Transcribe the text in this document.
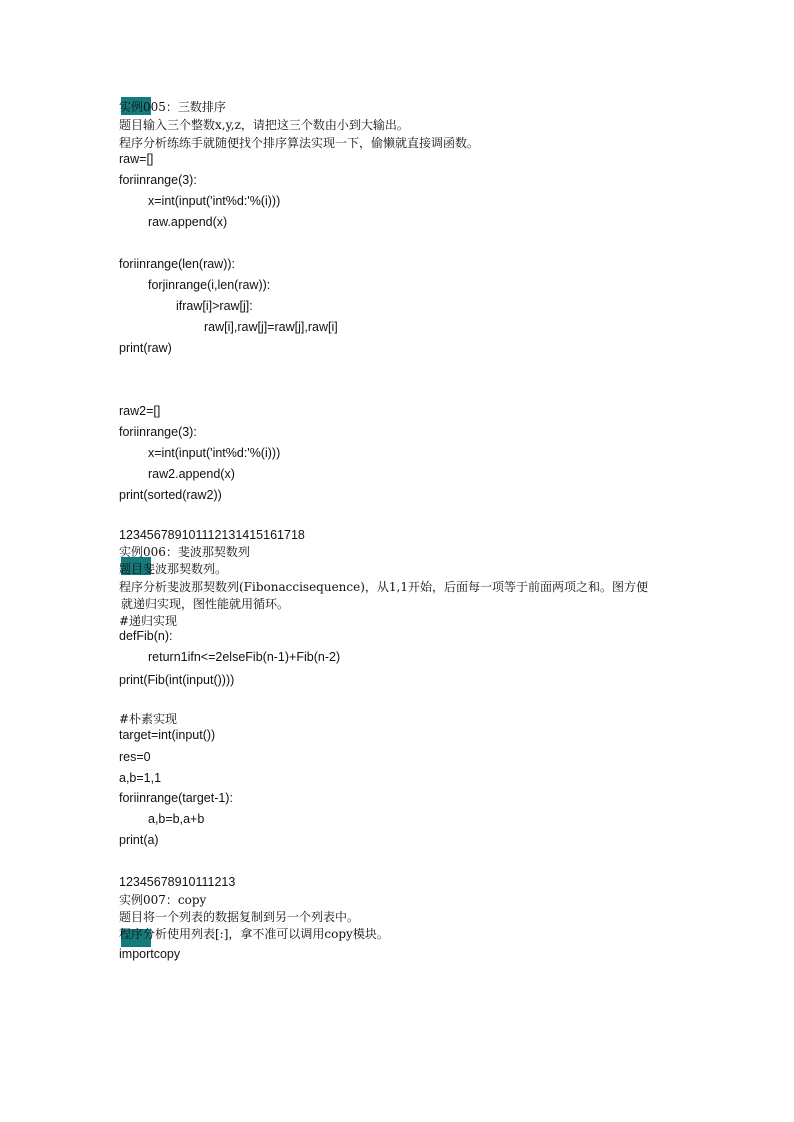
实例005：三数排序
题目输入三个整数x,y,z，请把这三个数由小到大输出。
程序分析练练手就随便找个排序算法实现一下，偷懒就直接调函数。
raw=[]
foriinrange(3):
x=int(input('int%d:'%(i)))
raw.append(x)
foriinrange(len(raw)):
forjinrange(i,len(raw)):
ifraw[i]>raw[j]:
raw[i],raw[j]=raw[j],raw[i]
print(raw)
raw2=[]
foriinrange(3):
x=int(input('int%d:'%(i)))
raw2.append(x)
print(sorted(raw2))
123456789101112131415161718
实例006：斐波那契数列
题目斐波那契数列。
程序分析斐波那契数列(Fibonaccisequence)，从1,1开始，后面每一项等于前面两项之和。图方便
就递归实现，图性能就用循环。
#递归实现
defFib(n):
return1ifn<=2elseFib(n-1)+Fib(n-2)
print(Fib(int(input())))
#朴素实现
target=int(input())
res=0
a,b=1,1
foriinrange(target-1):
a,b=b,a+b
print(a)
12345678910111213
实例007：copy
题目将一个列表的数据复制到另一个列表中。
程序分析使用列表[:]，拿不准可以调用copy模块。
importcopy
